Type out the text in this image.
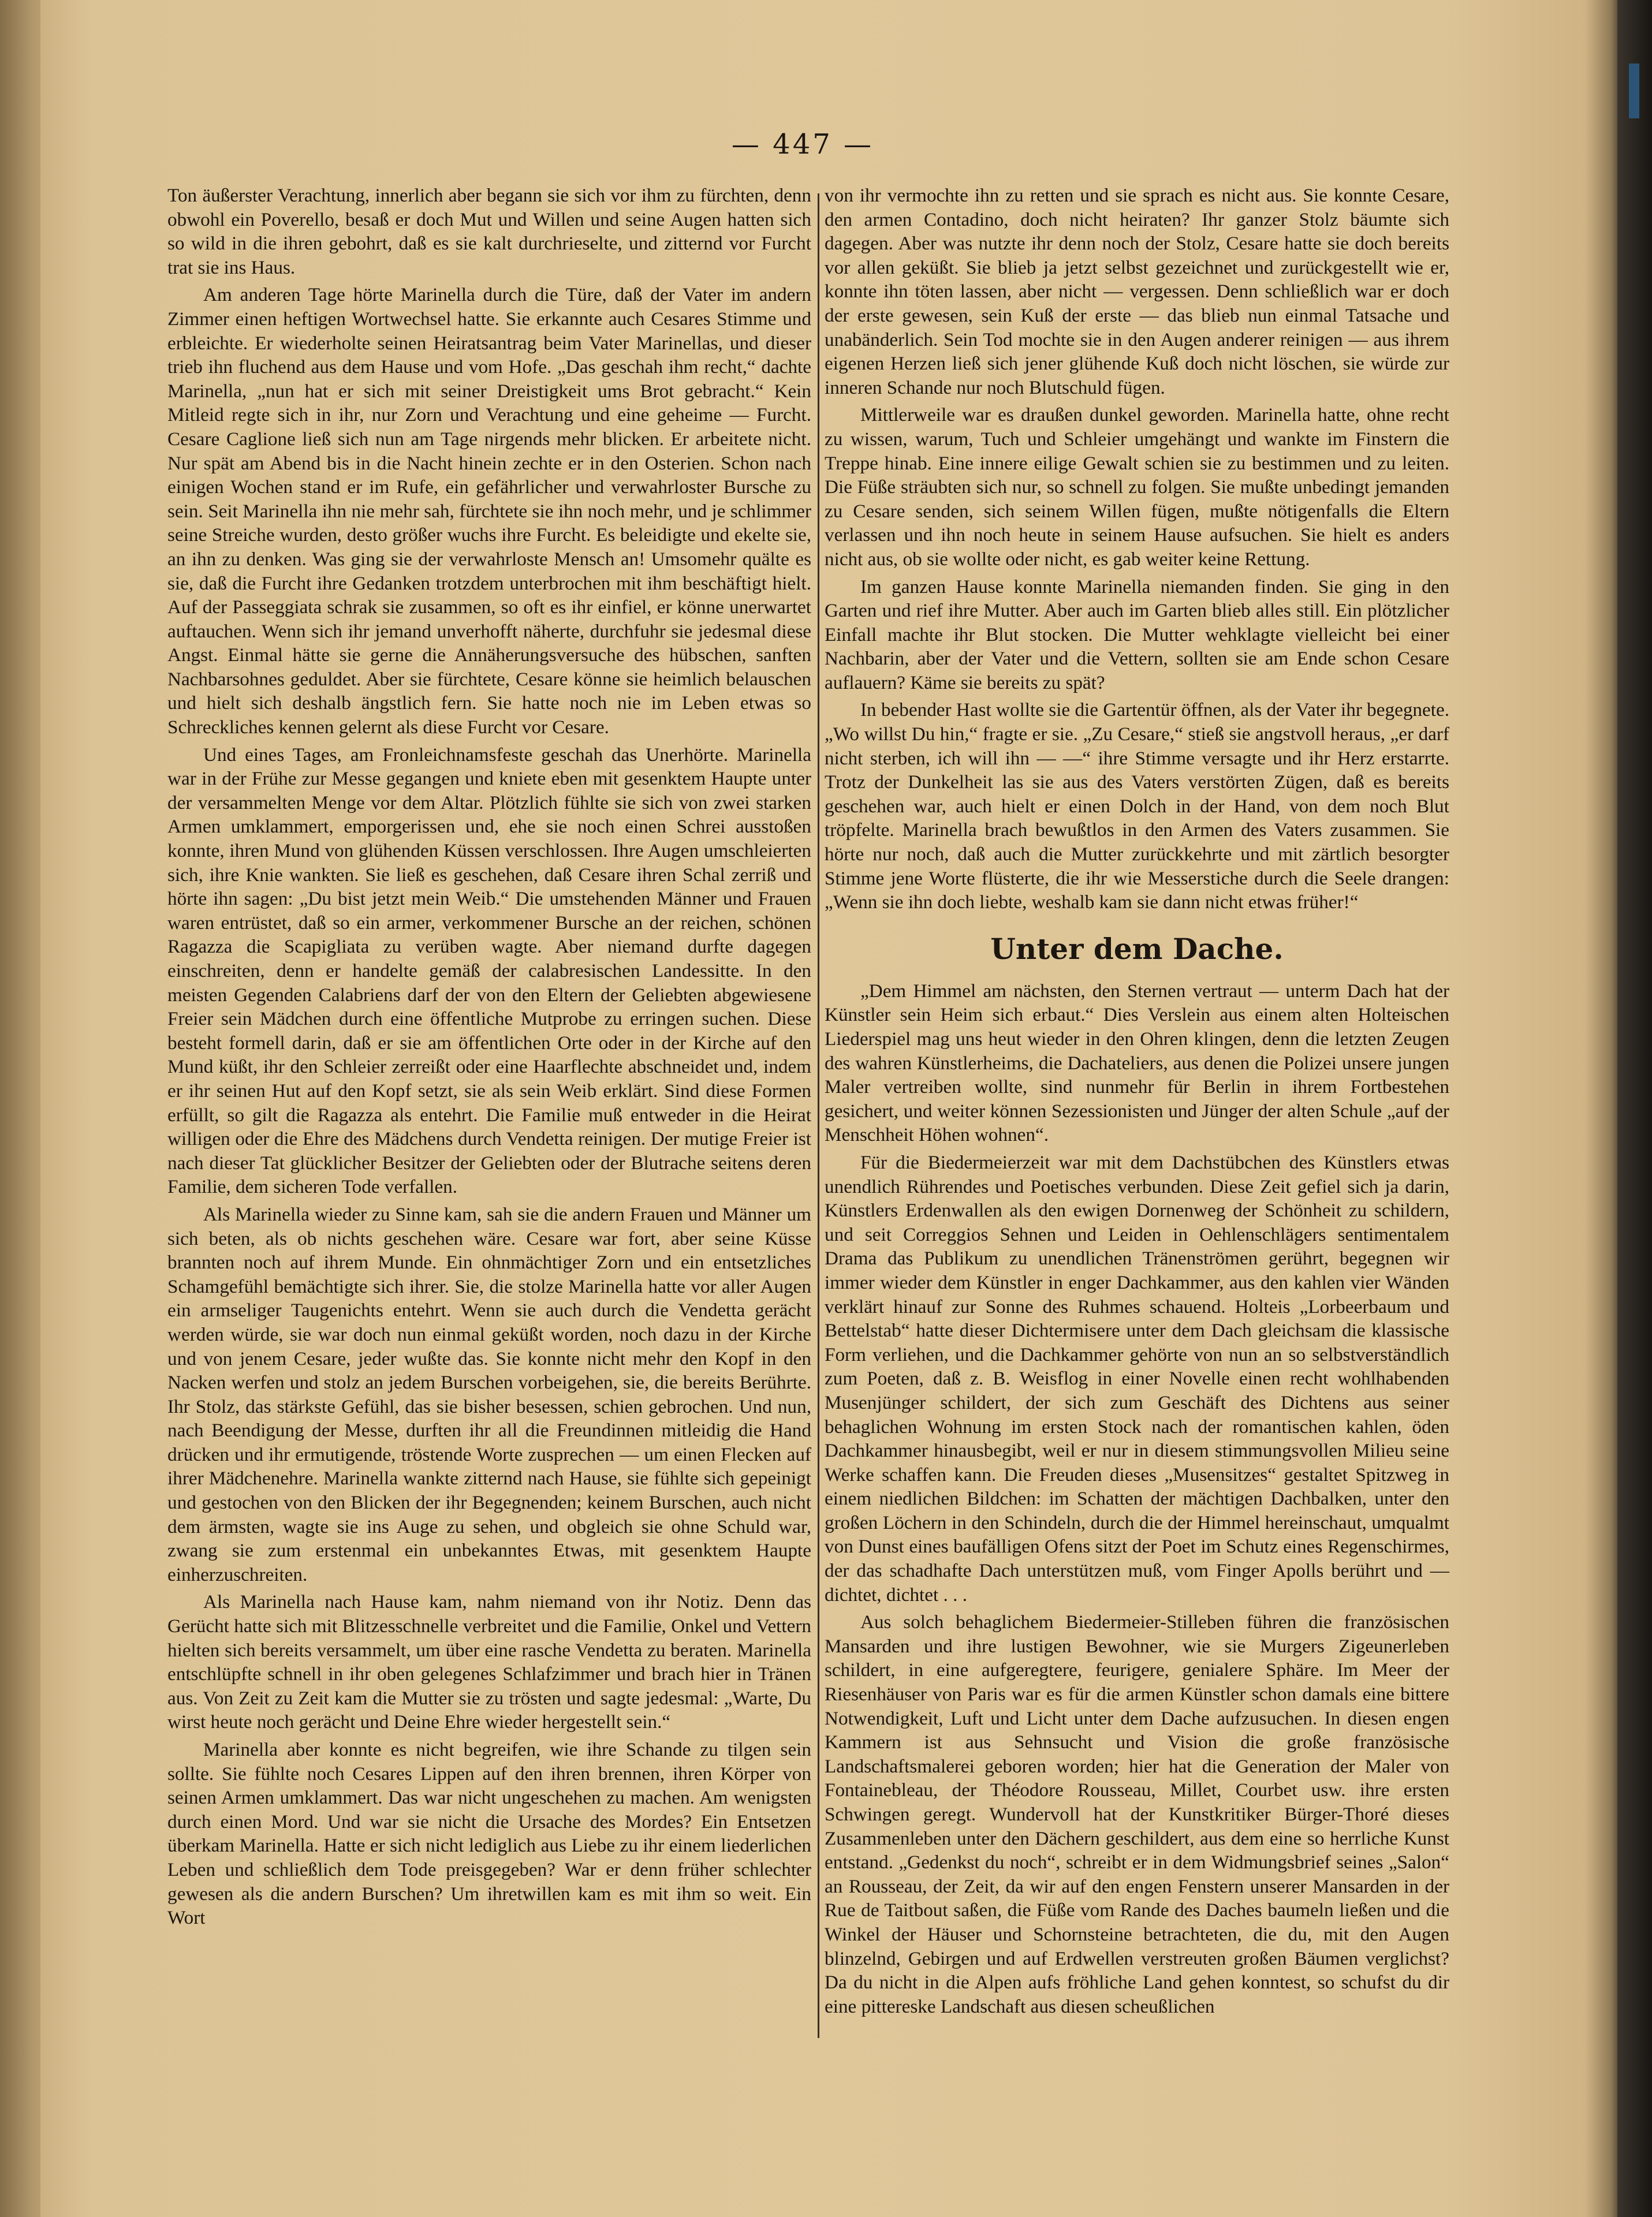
— 447 —

Ton äußerster Verachtung, innerlich aber begann sie sich vor ihm zu fürchten, denn obwohl ein Poverello, besaß er doch Mut und Willen und seine Augen hatten sich so wild in die ihren gebohrt, daß es sie kalt durchrieselte, und zitternd vor Furcht trat sie ins Haus.

Am anderen Tage hörte Marinella durch die Türe, daß der Vater im andern Zimmer einen heftigen Wortwechsel hatte. Sie erkannte auch Cesares Stimme und erbleichte. Er wiederholte seinen Heiratsantrag beim Vater Marinellas, und dieser trieb ihn fluchend aus dem Hause und vom Hofe. „Das geschah ihm recht,“ dachte Marinella, „nun hat er sich mit seiner Dreistigkeit ums Brot gebracht.“ Kein Mitleid regte sich in ihr, nur Zorn und Verachtung und eine geheime — Furcht. Cesare Caglione ließ sich nun am Tage nirgends mehr blicken. Er arbeitete nicht. Nur spät am Abend bis in die Nacht hinein zechte er in den Osterien. Schon nach einigen Wochen stand er im Rufe, ein gefährlicher und verwahrloster Bursche zu sein. Seit Marinella ihn nie mehr sah, fürchtete sie ihn noch mehr, und je schlimmer seine Streiche wurden, desto größer wuchs ihre Furcht. Es beleidigte und ekelte sie, an ihn zu denken. Was ging sie der verwahrloste Mensch an! Umsomehr quälte es sie, daß die Furcht ihre Gedanken trotzdem unterbrochen mit ihm beschäftigt hielt. Auf der Passeggiata schrak sie zusammen, so oft es ihr einfiel, er könne unerwartet auftauchen. Wenn sich ihr jemand unverhofft näherte, durchfuhr sie jedesmal diese Angst. Einmal hätte sie gerne die Annäherungsversuche des hübschen, sanften Nachbarsohnes geduldet. Aber sie fürchtete, Cesare könne sie heimlich belauschen und hielt sich deshalb ängstlich fern. Sie hatte noch nie im Leben etwas so Schreckliches kennen gelernt als diese Furcht vor Cesare.

Und eines Tages, am Fronleichnamsfeste geschah das Unerhörte. Marinella war in der Frühe zur Messe gegangen und kniete eben mit gesenktem Haupte unter der versammelten Menge vor dem Altar. Plötzlich fühlte sie sich von zwei starken Armen umklammert, emporgerissen und, ehe sie noch einen Schrei ausstoßen konnte, ihren Mund von glühenden Küssen verschlossen. Ihre Augen umschleierten sich, ihre Knie wankten. Sie ließ es geschehen, daß Cesare ihren Schal zerriß und hörte ihn sagen: „Du bist jetzt mein Weib.“ Die umstehenden Männer und Frauen waren entrüstet, daß so ein armer, verkommener Bursche an der reichen, schönen Ragazza die Scapigliata zu verüben wagte. Aber niemand durfte dagegen einschreiten, denn er handelte gemäß der calabresischen Landessitte. In den meisten Gegenden Calabriens darf der von den Eltern der Geliebten abgewiesene Freier sein Mädchen durch eine öffentliche Mutprobe zu erringen suchen. Diese besteht formell darin, daß er sie am öffentlichen Orte oder in der Kirche auf den Mund küßt, ihr den Schleier zerreißt oder eine Haarflechte abschneidet und, indem er ihr seinen Hut auf den Kopf setzt, sie als sein Weib erklärt. Sind diese Formen erfüllt, so gilt die Ragazza als entehrt. Die Familie muß entweder in die Heirat willigen oder die Ehre des Mädchens durch Vendetta reinigen. Der mutige Freier ist nach dieser Tat glücklicher Besitzer der Geliebten oder der Blutrache seitens deren Familie, dem sicheren Tode verfallen.

Als Marinella wieder zu Sinne kam, sah sie die andern Frauen und Männer um sich beten, als ob nichts geschehen wäre. Cesare war fort, aber seine Küsse brannten noch auf ihrem Munde. Ein ohnmächtiger Zorn und ein entsetzliches Schamgefühl bemächtigte sich ihrer. Sie, die stolze Marinella hatte vor aller Augen ein armseliger Taugenichts entehrt. Wenn sie auch durch die Vendetta gerächt werden würde, sie war doch nun einmal geküßt worden, noch dazu in der Kirche und von jenem Cesare, jeder wußte das. Sie konnte nicht mehr den Kopf in den Nacken werfen und stolz an jedem Burschen vorbeigehen, sie, die bereits Berührte. Ihr Stolz, das stärkste Gefühl, das sie bisher besessen, schien gebrochen. Und nun, nach Beendigung der Messe, durften ihr all die Freundinnen mitleidig die Hand drücken und ihr ermutigende, tröstende Worte zusprechen — um einen Flecken auf ihrer Mädchenehre. Marinella wankte zitternd nach Hause, sie fühlte sich gepeinigt und gestochen von den Blicken der ihr Begegnenden; keinem Burschen, auch nicht dem ärmsten, wagte sie ins Auge zu sehen, und obgleich sie ohne Schuld war, zwang sie zum erstenmal ein unbekanntes Etwas, mit gesenktem Haupte einherzuschreiten.

Als Marinella nach Hause kam, nahm niemand von ihr Notiz. Denn das Gerücht hatte sich mit Blitzesschnelle verbreitet und die Familie, Onkel und Vettern hielten sich bereits versammelt, um über eine rasche Vendetta zu beraten. Marinella entschlüpfte schnell in ihr oben gelegenes Schlafzimmer und brach hier in Tränen aus. Von Zeit zu Zeit kam die Mutter sie zu trösten und sagte jedesmal: „Warte, Du wirst heute noch gerächt und Deine Ehre wieder hergestellt sein.“

Marinella aber konnte es nicht begreifen, wie ihre Schande zu tilgen sein sollte. Sie fühlte noch Cesares Lippen auf den ihren brennen, ihren Körper von seinen Armen umklammert. Das war nicht ungeschehen zu machen. Am wenigsten durch einen Mord. Und war sie nicht die Ursache des Mordes? Ein Entsetzen überkam Marinella. Hatte er sich nicht lediglich aus Liebe zu ihr einem liederlichen Leben und schließlich dem Tode preisgegeben? War er denn früher schlechter gewesen als die andern Burschen? Um ihretwillen kam es mit ihm so weit. Ein Wort

von ihr vermochte ihn zu retten und sie sprach es nicht aus. Sie konnte Cesare, den armen Contadino, doch nicht heiraten? Ihr ganzer Stolz bäumte sich dagegen. Aber was nutzte ihr denn noch der Stolz, Cesare hatte sie doch bereits vor allen geküßt. Sie blieb ja jetzt selbst gezeichnet und zurückgestellt wie er, konnte ihn töten lassen, aber nicht — vergessen. Denn schließlich war er doch der erste gewesen, sein Kuß der erste — das blieb nun einmal Tatsache und unabänderlich. Sein Tod mochte sie in den Augen anderer reinigen — aus ihrem eigenen Herzen ließ sich jener glühende Kuß doch nicht löschen, sie würde zur inneren Schande nur noch Blutschuld fügen.

Mittlerweile war es draußen dunkel geworden. Marinella hatte, ohne recht zu wissen, warum, Tuch und Schleier umgehängt und wankte im Finstern die Treppe hinab. Eine innere eilige Gewalt schien sie zu bestimmen und zu leiten. Die Füße sträubten sich nur, so schnell zu folgen. Sie mußte unbedingt jemanden zu Cesare senden, sich seinem Willen fügen, mußte nötigenfalls die Eltern verlassen und ihn noch heute in seinem Hause aufsuchen. Sie hielt es anders nicht aus, ob sie wollte oder nicht, es gab weiter keine Rettung.

Im ganzen Hause konnte Marinella niemanden finden. Sie ging in den Garten und rief ihre Mutter. Aber auch im Garten blieb alles still. Ein plötzlicher Einfall machte ihr Blut stocken. Die Mutter wehklagte vielleicht bei einer Nachbarin, aber der Vater und die Vettern, sollten sie am Ende schon Cesare auflauern? Käme sie bereits zu spät?

In bebender Hast wollte sie die Gartentür öffnen, als der Vater ihr begegnete. „Wo willst Du hin,“ fragte er sie. „Zu Cesare,“ stieß sie angstvoll heraus, „er darf nicht sterben, ich will ihn — —“ ihre Stimme versagte und ihr Herz erstarrte. Trotz der Dunkelheit las sie aus des Vaters verstörten Zügen, daß es bereits geschehen war, auch hielt er einen Dolch in der Hand, von dem noch Blut tröpfelte. Marinella brach bewußtlos in den Armen des Vaters zusammen. Sie hörte nur noch, daß auch die Mutter zurückkehrte und mit zärtlich besorgter Stimme jene Worte flüsterte, die ihr wie Messerstiche durch die Seele drangen: „Wenn sie ihn doch liebte, weshalb kam sie dann nicht etwas früher!“

Unter dem Dache.

„Dem Himmel am nächsten, den Sternen vertraut — unterm Dach hat der Künstler sein Heim sich erbaut.“ Dies Verslein aus einem alten Holteischen Liederspiel mag uns heut wieder in den Ohren klingen, denn die letzten Zeugen des wahren Künstlerheims, die Dachateliers, aus denen die Polizei unsere jungen Maler vertreiben wollte, sind nunmehr für Berlin in ihrem Fortbestehen gesichert, und weiter können Sezessionisten und Jünger der alten Schule „auf der Menschheit Höhen wohnen“.

Für die Biedermeierzeit war mit dem Dachstübchen des Künstlers etwas unendlich Rührendes und Poetisches verbunden. Diese Zeit gefiel sich ja darin, Künstlers Erdenwallen als den ewigen Dornenweg der Schönheit zu schildern, und seit Correggios Sehnen und Leiden in Oehlenschlägers sentimentalem Drama das Publikum zu unendlichen Tränenströmen gerührt, begegnen wir immer wieder dem Künstler in enger Dachkammer, aus den kahlen vier Wänden verklärt hinauf zur Sonne des Ruhmes schauend. Holteis „Lorbeerbaum und Bettelstab“ hatte dieser Dichtermisere unter dem Dach gleichsam die klassische Form verliehen, und die Dachkammer gehörte von nun an so selbstverständlich zum Poeten, daß z. B. Weisflog in einer Novelle einen recht wohlhabenden Musenjünger schildert, der sich zum Geschäft des Dichtens aus seiner behaglichen Wohnung im ersten Stock nach der romantischen kahlen, öden Dachkammer hinausbegibt, weil er nur in diesem stimmungsvollen Milieu seine Werke schaffen kann. Die Freuden dieses „Musensitzes“ gestaltet Spitzweg in einem niedlichen Bildchen: im Schatten der mächtigen Dachbalken, unter den großen Löchern in den Schindeln, durch die der Himmel hereinschaut, umqualmt von Dunst eines baufälligen Ofens sitzt der Poet im Schutz eines Regenschirmes, der das schadhafte Dach unterstützen muß, vom Finger Apolls berührt und — dichtet, dichtet . . .

Aus solch behaglichem Biedermeier-Stilleben führen die französischen Mansarden und ihre lustigen Bewohner, wie sie Murgers Zigeunerleben schildert, in eine aufgeregtere, feurigere, genialere Sphäre. Im Meer der Riesenhäuser von Paris war es für die armen Künstler schon damals eine bittere Notwendigkeit, Luft und Licht unter dem Dache aufzusuchen. In diesen engen Kammern ist aus Sehnsucht und Vision die große französische Landschaftsmalerei geboren worden; hier hat die Generation der Maler von Fontainebleau, der Théodore Rousseau, Millet, Courbet usw. ihre ersten Schwingen geregt. Wundervoll hat der Kunstkritiker Bürger-Thoré dieses Zusammenleben unter den Dächern geschildert, aus dem eine so herrliche Kunst entstand. „Gedenkst du noch“, schreibt er in dem Widmungsbrief seines „Salon“ an Rousseau, der Zeit, da wir auf den engen Fenstern unserer Mansarden in der Rue de Taitbout saßen, die Füße vom Rande des Daches baumeln ließen und die Winkel der Häuser und Schornsteine betrachteten, die du, mit den Augen blinzelnd, Gebirgen und auf Erdwellen verstreuten großen Bäumen verglichst? Da du nicht in die Alpen aufs fröhliche Land gehen konntest, so schufst du dir eine pittereske Landschaft aus diesen scheußlichen
